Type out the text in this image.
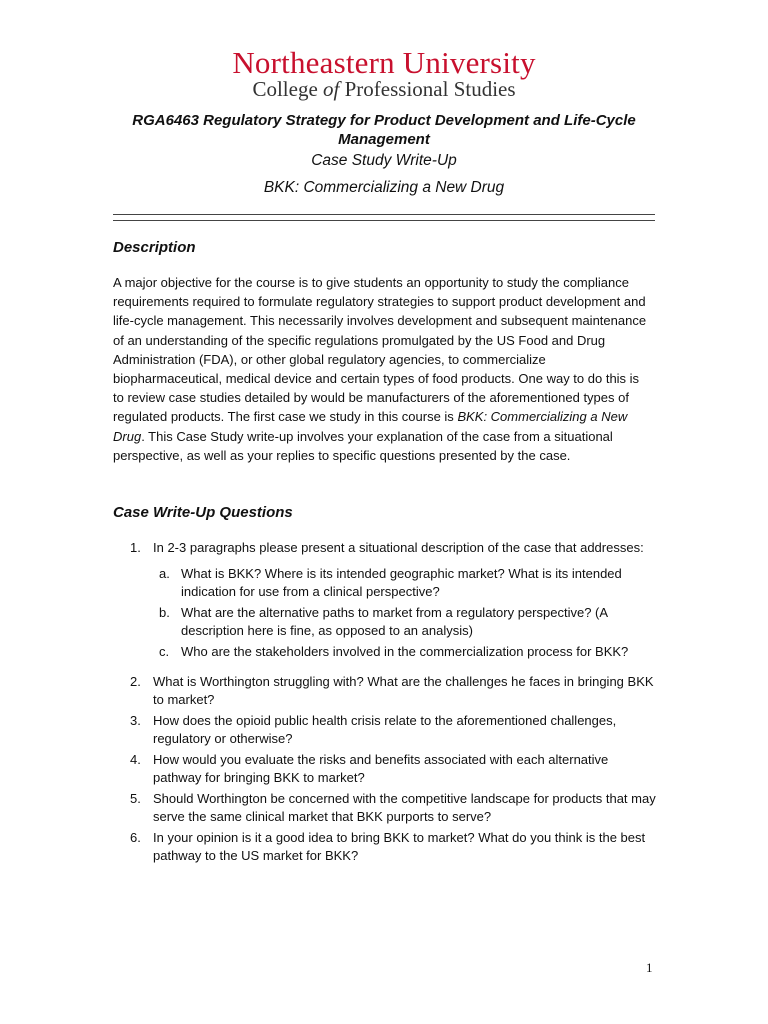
Northeastern University
College of Professional Studies
RGA6463 Regulatory Strategy for Product Development and Life-Cycle Management
Case Study Write-Up
BKK: Commercializing a New Drug
Description
A major objective for the course is to give students an opportunity to study the compliance requirements required to formulate regulatory strategies to support product development and life-cycle management. This necessarily involves development and subsequent maintenance of an understanding of the specific regulations promulgated by the US Food and Drug Administration (FDA), or other global regulatory agencies, to commercialize biopharmaceutical, medical device and certain types of food products. One way to do this is to review case studies detailed by would be manufacturers of the aforementioned types of regulated products. The first case we study in this course is BKK: Commercializing a New Drug. This Case Study write-up involves your explanation of the case from a situational perspective, as well as your replies to specific questions presented by the case.
Case Write-Up Questions
1. In 2-3 paragraphs please present a situational description of the case that addresses:
a. What is BKK? Where is its intended geographic market? What is its intended indication for use from a clinical perspective?
b. What are the alternative paths to market from a regulatory perspective? (A description here is fine, as opposed to an analysis)
c. Who are the stakeholders involved in the commercialization process for BKK?
2. What is Worthington struggling with? What are the challenges he faces in bringing BKK to market?
3. How does the opioid public health crisis relate to the aforementioned challenges, regulatory or otherwise?
4. How would you evaluate the risks and benefits associated with each alternative pathway for bringing BKK to market?
5. Should Worthington be concerned with the competitive landscape for products that may serve the same clinical market that BKK purports to serve?
6. In your opinion is it a good idea to bring BKK to market? What do you think is the best pathway to the US market for BKK?
1
